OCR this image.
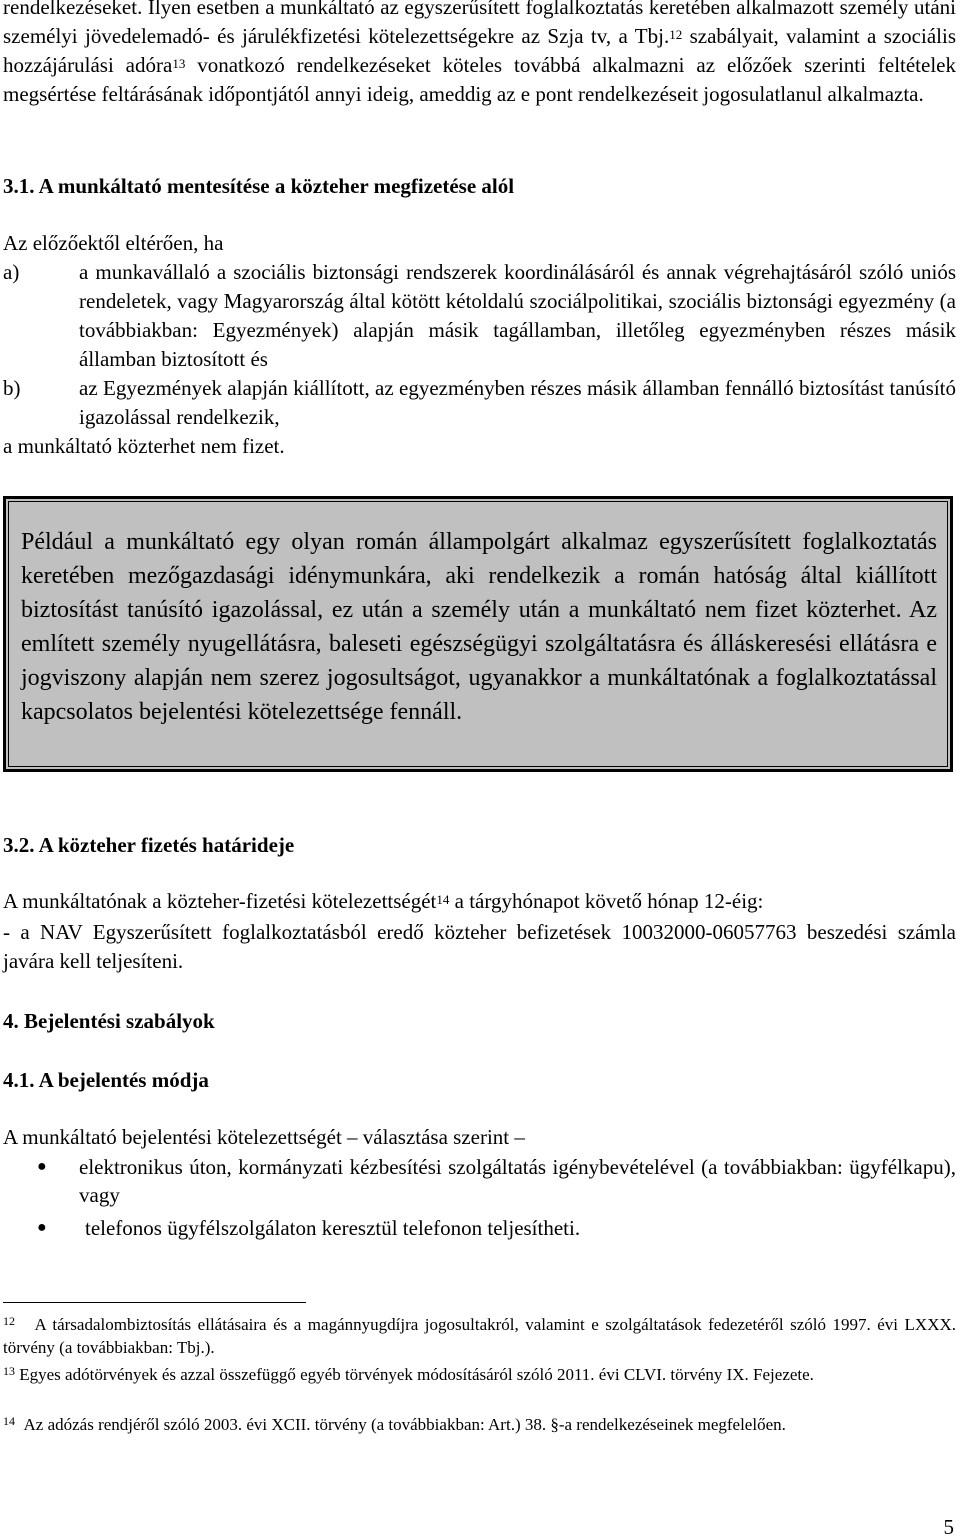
rendelkezéseket. Ilyen esetben a munkáltató az egyszerűsített foglalkoztatás keretében alkalmazott személy utáni személyi jövedelemadó- és járulékfizetési kötelezettségekre az Szja tv, a Tbj.$^{12}$ szabályait, valamint a szociális hozzájárulási adóra$^{13}$ vonatkozó rendelkezéseket köteles továbbá alkalmazni az előzőek szerinti feltételek megsértése feltárásának időpontjától annyi ideig, ameddig az e pont rendelkezéseit jogosulatlanul alkalmazta.
3.1. A munkáltató mentesítése a közteher megfizetése alól
Az előzőektől eltérően, ha
a)	a munkavállaló a szociális biztonsági rendszerek koordinálásáról és annak végrehajtásáról szóló uniós rendeletek, vagy Magyarország által kötött kétoldalú szociálpolitikai, szociális biztonsági egyezmény (a továbbiakban: Egyezmények) alapján másik tagállamban, illetőleg egyezményben részes másik államban biztosított és
b)	az Egyezmények alapján kiállított, az egyezményben részes másik államban fennálló biztosítást tanúsító igazolással rendelkezik,
a munkáltató közterhet nem fizet.
Például a munkáltató egy olyan román állampolgárt alkalmaz egyszerűsített foglalkoztatás keretében mezőgazdasági idénymunkára, aki rendelkezik a román hatóság által kiállított biztosítást tanúsító igazolással, ez után a személy után a munkáltató nem fizet közterhet. Az említett személy nyugellátásra, baleseti egészségügyi szolgáltatásra és álláskeresési ellátásra e jogviszony alapján nem szerez jogosultságot, ugyanakkor a munkáltatónak a foglalkoztatással kapcsolatos bejelentési kötelezettsége fennáll.
3.2. A közteher fizetés határideje
A munkáltatónak a közteher-fizetési kötelezettségét$^{14}$ a tárgyhónapot követő hónap 12-éig:
- a NAV Egyszerűsített foglalkoztatásból eredő közteher befizetések 10032000-06057763 beszedési számla javára kell teljesíteni.
4. Bejelentési szabályok
4.1. A bejelentés módja
A munkáltató bejelentési kötelezettségét – választása szerint –
●	elektronikus úton, kormányzati kézbesítési szolgáltatás igénybevételével (a továbbiakban: ügyfélkapu), vagy
●	telefonos ügyfélszolgálaton keresztül telefonon teljesítheti.
$^{12}$ A társadalombiztosítás ellátásaira és a magánnyugdíjra jogosultakról, valamint e szolgáltatások fedezetéről szóló 1997. évi LXXX. törvény (a továbbiakban: Tbj.).
$^{13}$ Egyes adótörvények és azzal összefüggő egyéb törvények módosításáról szóló 2011. évi CLVI. törvény IX. Fejezete.
$^{14}$ Az adózás rendjéről szóló 2003. évi XCII. törvény (a továbbiakban: Art.) 38. §-a rendelkezéseinek megfelelően.
5
